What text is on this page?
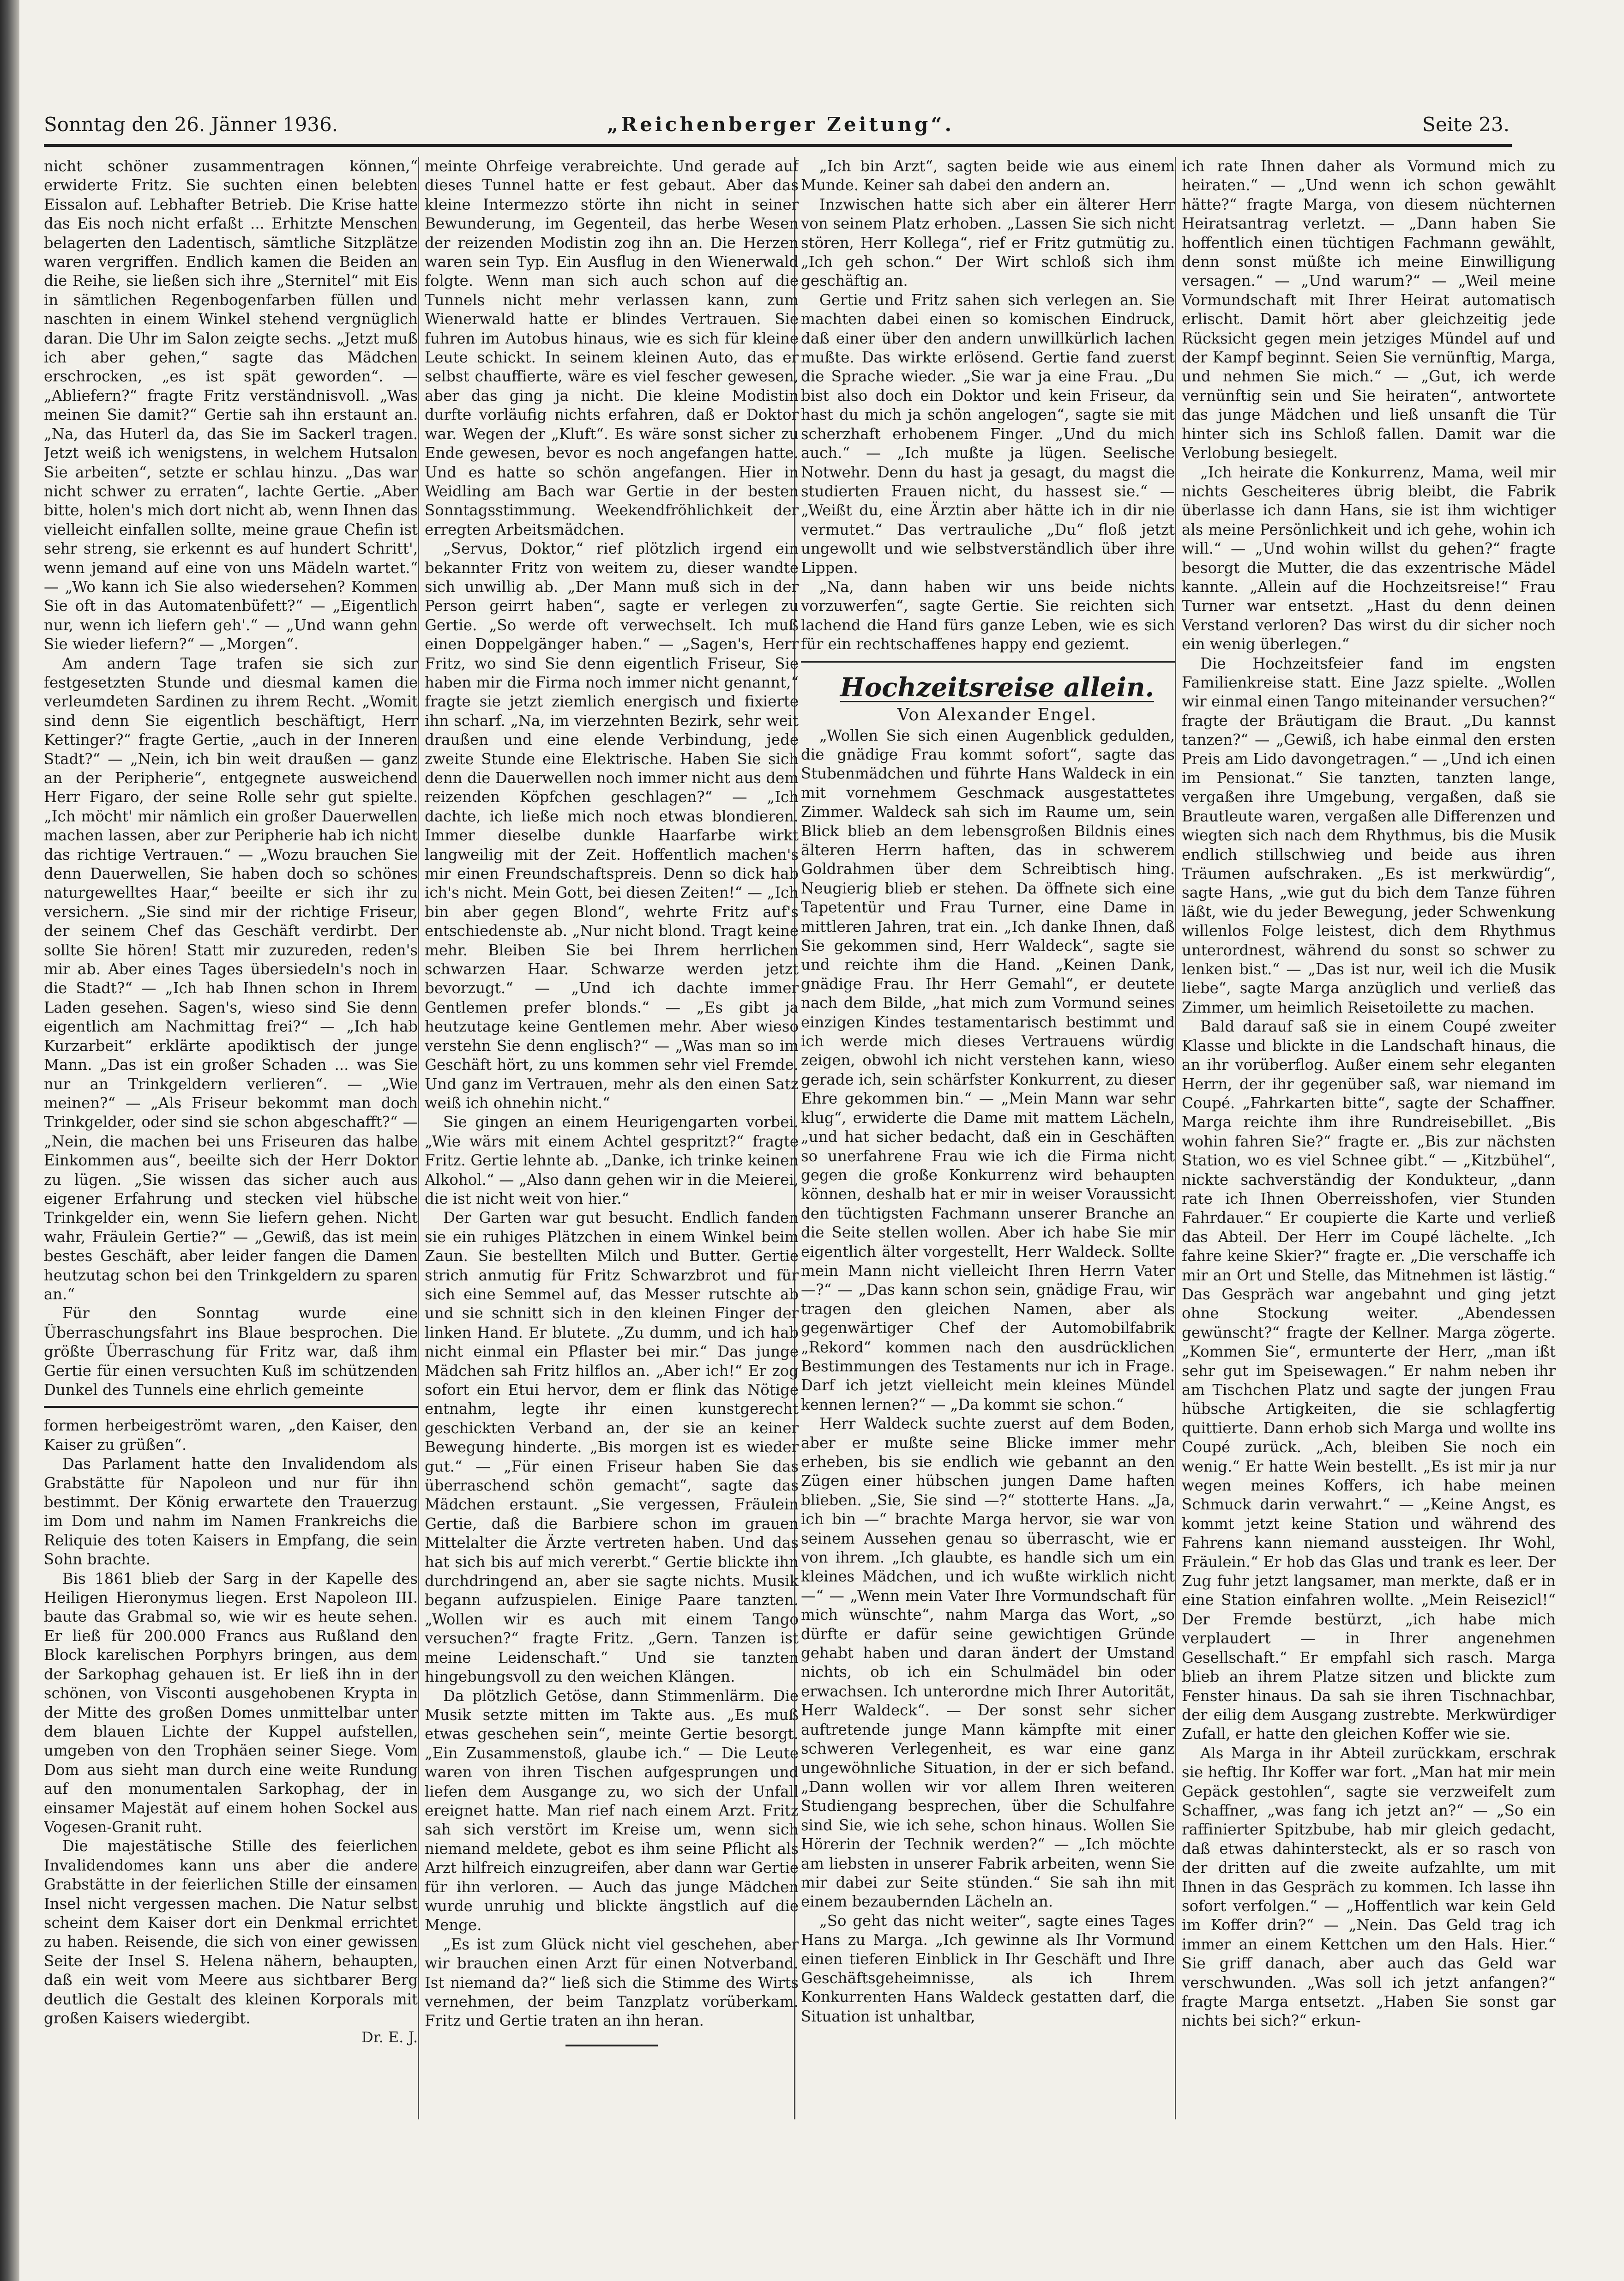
Sonntag den 26. Jänner 1936.	„Reichenberger Zeitung“.	Seite 23.

nicht schöner zusammentragen können,“ erwiderte Fritz. Sie suchten einen belebten Eissalon auf. Lebhafter Betrieb. Die Krise hatte das Eis noch nicht erfaßt ... Erhitzte Menschen belagerten den Ladentisch, sämtliche Sitzplätze waren vergriffen. Endlich kamen die Beiden an die Reihe, sie ließen sich ihre „Sternitel“ mit Eis in sämtlichen Regenbogenfarben füllen und naschten in einem Winkel stehend vergnüglich daran. Die Uhr im Salon zeigte sechs. „Jetzt muß ich aber gehen,“ sagte das Mädchen erschrocken, „es ist spät geworden“. — „Abliefern?“ fragte Fritz verständnisvoll. „Was meinen Sie damit?“ Gertie sah ihn erstaunt an. „Na, das Huterl da, das Sie im Sackerl tragen. Jetzt weiß ich wenigstens, in welchem Hutsalon Sie arbeiten“, setzte er schlau hinzu. „Das war nicht schwer zu erraten“, lachte Gertie. „Aber bitte, holen's mich dort nicht ab, wenn Ihnen das vielleicht einfallen sollte, meine graue Chefin ist sehr streng, sie erkennt es auf hundert Schritt', wenn jemand auf eine von uns Mädeln wartet.“ — „Wo kann ich Sie also wiedersehen? Kommen Sie oft in das Automatenbüfett?“ — „Eigentlich nur, wenn ich liefern geh'.“ — „Und wann gehn Sie wieder liefern?“ — „Morgen“.

Am andern Tage trafen sie sich zur festgesetzten Stunde und diesmal kamen die verleumdeten Sardinen zu ihrem Recht. „Womit sind denn Sie eigentlich beschäftigt, Herr Kettinger?“ fragte Gertie, „auch in der Inneren Stadt?“ — „Nein, ich bin weit draußen — ganz an der Peripherie“, entgegnete ausweichend Herr Figaro, der seine Rolle sehr gut spielte. „Ich möcht' mir nämlich ein großer Dauerwellen machen lassen, aber zur Peripherie hab ich nicht das richtige Vertrauen.“ — „Wozu brauchen Sie denn Dauerwellen, Sie haben doch so schönes naturgewelltes Haar,“ beeilte er sich ihr zu versichern. „Sie sind mir der richtige Friseur, der seinem Chef das Geschäft verdirbt. Der sollte Sie hören! Statt mir zuzureden, reden's mir ab. Aber eines Tages übersiedeln's noch in die Stadt?“ — „Ich hab Ihnen schon in Ihrem Laden gesehen. Sagen's, wieso sind Sie denn eigentlich am Nachmittag frei?“ — „Ich hab Kurzarbeit“ erklärte apodiktisch der junge Mann. „Das ist ein großer Schaden ... was Sie nur an Trinkgeldern verlieren“. — „Wie meinen?“ — „Als Friseur bekommt man doch Trinkgelder, oder sind sie schon abgeschafft?“ — „Nein, die machen bei uns Friseuren das halbe Einkommen aus“, beeilte sich der Herr Doktor zu lügen. „Sie wissen das sicher auch aus eigener Erfahrung und stecken viel hübsche Trinkgelder ein, wenn Sie liefern gehen. Nicht wahr, Fräulein Gertie?“ — „Gewiß, das ist mein bestes Geschäft, aber leider fangen die Damen heutzutag schon bei den Trinkgeldern zu sparen an.“

Für den Sonntag wurde eine Überraschungsfahrt ins Blaue besprochen. Die größte Überraschung für Fritz war, daß ihm Gertie für einen versuchten Kuß im schützenden Dunkel des Tunnels eine ehrlich gemeinte

formen herbeigeströmt waren, „den Kaiser, den Kaiser zu grüßen“.

Das Parlament hatte den Invalidendom als Grabstätte für Napoleon und nur für ihn bestimmt. Der König erwartete den Trauerzug im Dom und nahm im Namen Frankreichs die Reliquie des toten Kaisers in Empfang, die sein Sohn brachte.

Bis 1861 blieb der Sarg in der Kapelle des Heiligen Hieronymus liegen. Erst Napoleon III. baute das Grabmal so, wie wir es heute sehen. Er ließ für 200.000 Francs aus Rußland den Block karelischen Porphyrs bringen, aus dem der Sarkophag gehauen ist. Er ließ ihn in der schönen, von Visconti ausgehobenen Krypta in der Mitte des großen Domes unmittelbar unter dem blauen Lichte der Kuppel aufstellen, umgeben von den Trophäen seiner Siege. Vom Dom aus sieht man durch eine weite Rundung auf den monumentalen Sarkophag, der in einsamer Majestät auf einem hohen Sockel aus Vogesen-Granit ruht.

Die majestätische Stille des feierlichen Invalidendomes kann uns aber die andere Grabstätte in der feierlichen Stille der einsamen Insel nicht vergessen machen. Die Natur selbst scheint dem Kaiser dort ein Denkmal errichtet zu haben. Reisende, die sich von einer gewissen Seite der Insel S. Helena nähern, behaupten, daß ein weit vom Meere aus sichtbarer Berg deutlich die Gestalt des kleinen Korporals mit großen Kaisers wiedergibt.

Dr. E. J.

meinte Ohrfeige verabreichte. Und gerade auf dieses Tunnel hatte er fest gebaut. Aber das kleine Intermezzo störte ihn nicht in seiner Bewunderung, im Gegenteil, das herbe Wesen der reizenden Modistin zog ihn an. Die Herzen waren sein Typ. Ein Ausflug in den Wienerwald folgte. Wenn man sich auch schon auf die Tunnels nicht mehr verlassen kann, zum Wienerwald hatte er blindes Vertrauen. Sie fuhren im Autobus hinaus, wie es sich für kleine Leute schickt. In seinem kleinen Auto, das er selbst chauffierte, wäre es viel fescher gewesen, aber das ging ja nicht. Die kleine Modistin durfte vorläufig nichts erfahren, daß er Doktor war. Wegen der „Kluft“. Es wäre sonst sicher zu Ende gewesen, bevor es noch angefangen hatte. Und es hatte so schön angefangen. Hier in Weidling am Bach war Gertie in der besten Sonntagsstimmung. Weekendfröhlichkeit der erregten Arbeitsmädchen.

„Servus, Doktor,“ rief plötzlich irgend ein bekannter Fritz von weitem zu, dieser wandte sich unwillig ab. „Der Mann muß sich in der Person geirrt haben“, sagte er verlegen zu Gertie. „So werde oft verwechselt. Ich muß einen Doppelgänger haben.“ — „Sagen's, Herr Fritz, wo sind Sie denn eigentlich Friseur, Sie haben mir die Firma noch immer nicht genannt,“ fragte sie jetzt ziemlich energisch und fixierte ihn scharf. „Na, im vierzehnten Bezirk, sehr weit draußen und eine elende Verbindung, jede zweite Stunde eine Elektrische. Haben Sie sich denn die Dauerwellen noch immer nicht aus dem reizenden Köpfchen geschlagen?“ — „Ich dachte, ich ließe mich noch etwas blondieren. Immer dieselbe dunkle Haarfarbe wirkt langweilig mit der Zeit. Hoffentlich machen's mir einen Freundschaftspreis. Denn so dick hab ich's nicht. Mein Gott, bei diesen Zeiten!“ — „Ich bin aber gegen Blond“, wehrte Fritz auf's entschiedenste ab. „Nur nicht blond. Tragt keine mehr. Bleiben Sie bei Ihrem herrlichen schwarzen Haar. Schwarze werden jetzt bevorzugt.“ — „Und ich dachte immer Gentlemen prefer blonds.“ — „Es gibt ja heutzutage keine Gentlemen mehr. Aber wieso verstehn Sie denn englisch?“ — „Was man so im Geschäft hört, zu uns kommen sehr viel Fremde. Und ganz im Vertrauen, mehr als den einen Satz weiß ich ohnehin nicht.“

Sie gingen an einem Heurigengarten vorbei. „Wie wärs mit einem Achtel gespritzt?“ fragte Fritz. Gertie lehnte ab. „Danke, ich trinke keinen Alkohol.“ — „Also dann gehen wir in die Meierei, die ist nicht weit von hier.“

Der Garten war gut besucht. Endlich fanden sie ein ruhiges Plätzchen in einem Winkel beim Zaun. Sie bestellten Milch und Butter. Gertie strich anmutig für Fritz Schwarzbrot und für sich eine Semmel auf, das Messer rutschte ab und sie schnitt sich in den kleinen Finger der linken Hand. Er blutete. „Zu dumm, und ich hab nicht einmal ein Pflaster bei mir.“ Das junge Mädchen sah Fritz hilflos an. „Aber ich!“ Er zog sofort ein Etui hervor, dem er flink das Nötige entnahm, legte ihr einen kunstgerecht geschickten Verband an, der sie an keiner Bewegung hinderte. „Bis morgen ist es wieder gut.“ — „Für einen Friseur haben Sie das überraschend schön gemacht“, sagte das Mädchen erstaunt. „Sie vergessen, Fräulein Gertie, daß die Barbiere schon im grauen Mittelalter die Ärzte vertreten haben. Und das hat sich bis auf mich vererbt.“ Gertie blickte ihn durchdringend an, aber sie sagte nichts. Musik begann aufzuspielen. Einige Paare tanzten. „Wollen wir es auch mit einem Tango versuchen?“ fragte Fritz. „Gern. Tanzen ist meine Leidenschaft.“ Und sie tanzten hingebungsvoll zu den weichen Klängen.

Da plötzlich Getöse, dann Stimmenlärm. Die Musik setzte mitten im Takte aus. „Es muß etwas geschehen sein“, meinte Gertie besorgt. „Ein Zusammenstoß, glaube ich.“ — Die Leute waren von ihren Tischen aufgesprungen und liefen dem Ausgange zu, wo sich der Unfall ereignet hatte. Man rief nach einem Arzt. Fritz sah sich verstört im Kreise um, wenn sich niemand meldete, gebot es ihm seine Pflicht als Arzt hilfreich einzugreifen, aber dann war Gertie für ihn verloren. — Auch das junge Mädchen wurde unruhig und blickte ängstlich auf die Menge.

„Es ist zum Glück nicht viel geschehen, aber wir brauchen einen Arzt für einen Notverband. Ist niemand da?“ ließ sich die Stimme des Wirts vernehmen, der beim Tanzplatz vorüberkam. Fritz und Gertie traten an ihn heran.

„Ich bin Arzt“, sagten beide wie aus einem Munde. Keiner sah dabei den andern an.

Inzwischen hatte sich aber ein älterer Herr von seinem Platz erhoben. „Lassen Sie sich nicht stören, Herr Kollega“, rief er Fritz gutmütig zu. „Ich geh schon.“ Der Wirt schloß sich ihm geschäftig an.

Gertie und Fritz sahen sich verlegen an. Sie machten dabei einen so komischen Eindruck, daß einer über den andern unwillkürlich lachen mußte. Das wirkte erlösend. Gertie fand zuerst die Sprache wieder. „Sie war ja eine Frau. „Du bist also doch ein Doktor und kein Friseur, da hast du mich ja schön angelogen“, sagte sie mit scherzhaft erhobenem Finger. „Und du mich auch.“ — „Ich mußte ja lügen. Seelische Notwehr. Denn du hast ja gesagt, du magst die studierten Frauen nicht, du hassest sie.“ — „Weißt du, eine Ärztin aber hätte ich in dir nie vermutet.“ Das vertrauliche „Du“ floß jetzt ungewollt und wie selbstverständlich über ihre Lippen.

„Na, dann haben wir uns beide nichts vorzuwerfen“, sagte Gertie. Sie reichten sich lachend die Hand fürs ganze Leben, wie es sich für ein rechtschaffenes happy end geziemt.

Hochzeitsreise allein.

Von Alexander Engel.

„Wollen Sie sich einen Augenblick gedulden, die gnädige Frau kommt sofort“, sagte das Stubenmädchen und führte Hans Waldeck in ein mit vornehmem Geschmack ausgestattetes Zimmer. Waldeck sah sich im Raume um, sein Blick blieb an dem lebensgroßen Bildnis eines älteren Herrn haften, das in schwerem Goldrahmen über dem Schreibtisch hing. Neugierig blieb er stehen. Da öffnete sich eine Tapetentür und Frau Turner, eine Dame in mittleren Jahren, trat ein. „Ich danke Ihnen, daß Sie gekommen sind, Herr Waldeck“, sagte sie und reichte ihm die Hand. „Keinen Dank, gnädige Frau. Ihr Herr Gemahl“, er deutete nach dem Bilde, „hat mich zum Vormund seines einzigen Kindes testamentarisch bestimmt und ich werde mich dieses Vertrauens würdig zeigen, obwohl ich nicht verstehen kann, wieso gerade ich, sein schärfster Konkurrent, zu dieser Ehre gekommen bin.“ — „Mein Mann war sehr klug“, erwiderte die Dame mit mattem Lächeln, „und hat sicher bedacht, daß ein in Geschäften so unerfahrene Frau wie ich die Firma nicht gegen die große Konkurrenz wird behaupten können, deshalb hat er mir in weiser Voraussicht den tüchtigsten Fachmann unserer Branche an die Seite stellen wollen. Aber ich habe Sie mir eigentlich älter vorgestellt, Herr Waldeck. Sollte mein Mann nicht vielleicht Ihren Herrn Vater —?“ — „Das kann schon sein, gnädige Frau, wir tragen den gleichen Namen, aber als gegenwärtiger Chef der Automobilfabrik „Rekord“ kommen nach den ausdrücklichen Bestimmungen des Testaments nur ich in Frage. Darf ich jetzt vielleicht mein kleines Mündel kennen lernen?“ — „Da kommt sie schon.“

Herr Waldeck suchte zuerst auf dem Boden, aber er mußte seine Blicke immer mehr erheben, bis sie endlich wie gebannt an den Zügen einer hübschen jungen Dame haften blieben. „Sie, Sie sind —?“ stotterte Hans. „Ja, ich bin —“ brachte Marga hervor, sie war von seinem Aussehen genau so überrascht, wie er von ihrem. „Ich glaubte, es handle sich um ein kleines Mädchen, und ich wußte wirklich nicht —“ — „Wenn mein Vater Ihre Vormundschaft für mich wünschte“, nahm Marga das Wort, „so dürfte er dafür seine gewichtigen Gründe gehabt haben und daran ändert der Umstand nichts, ob ich ein Schulmädel bin oder erwachsen. Ich unterordne mich Ihrer Autorität, Herr Waldeck“. — Der sonst sehr sicher auftretende junge Mann kämpfte mit einer schweren Verlegenheit, es war eine ganz ungewöhnliche Situation, in der er sich befand. „Dann wollen wir vor allem Ihren weiteren Studiengang besprechen, über die Schulfahre sind Sie, wie ich sehe, schon hinaus. Wollen Sie Hörerin der Technik werden?“ — „Ich möchte am liebsten in unserer Fabrik arbeiten, wenn Sie mir dabei zur Seite stünden.“ Sie sah ihn mit einem bezaubernden Lächeln an.

„So geht das nicht weiter“, sagte eines Tages Hans zu Marga. „Ich gewinne als Ihr Vormund einen tieferen Einblick in Ihr Geschäft und Ihre Geschäftsgeheimnisse, als ich Ihrem Konkurrenten Hans Waldeck gestatten darf, die Situation ist unhaltbar,

ich rate Ihnen daher als Vormund mich zu heiraten.“ — „Und wenn ich schon gewählt hätte?“ fragte Marga, von diesem nüchternen Heiratsantrag verletzt. — „Dann haben Sie hoffentlich einen tüchtigen Fachmann gewählt, denn sonst müßte ich meine Einwilligung versagen.“ — „Und warum?“ — „Weil meine Vormundschaft mit Ihrer Heirat automatisch erlischt. Damit hört aber gleichzeitig jede Rücksicht gegen mein jetziges Mündel auf und der Kampf beginnt. Seien Sie vernünftig, Marga, und nehmen Sie mich.“ — „Gut, ich werde vernünftig sein und Sie heiraten“, antwortete das junge Mädchen und ließ unsanft die Tür hinter sich ins Schloß fallen. Damit war die Verlobung besiegelt.

„Ich heirate die Konkurrenz, Mama, weil mir nichts Gescheiteres übrig bleibt, die Fabrik überlasse ich dann Hans, sie ist ihm wichtiger als meine Persönlichkeit und ich gehe, wohin ich will.“ — „Und wohin willst du gehen?“ fragte besorgt die Mutter, die das exzentrische Mädel kannte. „Allein auf die Hochzeitsreise!“ Frau Turner war entsetzt. „Hast du denn deinen Verstand verloren? Das wirst du dir sicher noch ein wenig überlegen.“

Die Hochzeitsfeier fand im engsten Familienkreise statt. Eine Jazz spielte. „Wollen wir einmal einen Tango miteinander versuchen?“ fragte der Bräutigam die Braut. „Du kannst tanzen?“ — „Gewiß, ich habe einmal den ersten Preis am Lido davongetragen.“ — „Und ich einen im Pensionat.“ Sie tanzten, tanzten lange, vergaßen ihre Umgebung, vergaßen, daß sie Brautleute waren, vergaßen alle Differenzen und wiegten sich nach dem Rhythmus, bis die Musik endlich stillschwieg und beide aus ihren Träumen aufschraken. „Es ist merkwürdig“, sagte Hans, „wie gut du bich dem Tanze führen läßt, wie du jeder Bewegung, jeder Schwenkung willenlos Folge leistest, dich dem Rhythmus unterordnest, während du sonst so schwer zu lenken bist.“ — „Das ist nur, weil ich die Musik liebe“, sagte Marga anzüglich und verließ das Zimmer, um heimlich Reisetoilette zu machen.

Bald darauf saß sie in einem Coupé zweiter Klasse und blickte in die Landschaft hinaus, die an ihr vorüberflog. Außer einem sehr eleganten Herrn, der ihr gegenüber saß, war niemand im Coupé. „Fahrkarten bitte“, sagte der Schaffner. Marga reichte ihm ihre Rundreisebillet. „Bis wohin fahren Sie?“ fragte er. „Bis zur nächsten Station, wo es viel Schnee gibt.“ — „Kitzbühel“, nickte sachverständig der Kondukteur, „dann rate ich Ihnen Oberreisshofen, vier Stunden Fahrdauer.“ Er coupierte die Karte und verließ das Abteil. Der Herr im Coupé lächelte. „Ich fahre keine Skier?“ fragte er. „Die verschaffe ich mir an Ort und Stelle, das Mitnehmen ist lästig.“ Das Gespräch war angebahnt und ging jetzt ohne Stockung weiter. „Abendessen gewünscht?“ fragte der Kellner. Marga zögerte. „Kommen Sie“, ermunterte der Herr, „man ißt sehr gut im Speisewagen.“ Er nahm neben ihr am Tischchen Platz und sagte der jungen Frau hübsche Artigkeiten, die sie schlagfertig quittierte. Dann erhob sich Marga und wollte ins Coupé zurück. „Ach, bleiben Sie noch ein wenig.“ Er hatte Wein bestellt. „Es ist mir ja nur wegen meines Koffers, ich habe meinen Schmuck darin verwahrt.“ — „Keine Angst, es kommt jetzt keine Station und während des Fahrens kann niemand aussteigen. Ihr Wohl, Fräulein.“ Er hob das Glas und trank es leer. Der Zug fuhr jetzt langsamer, man merkte, daß er in eine Station einfahren wollte. „Mein Reisezicl!“ Der Fremde bestürzt, „ich habe mich verplaudert — in Ihrer angenehmen Gesellschaft.“ Er empfahl sich rasch. Marga blieb an ihrem Platze sitzen und blickte zum Fenster hinaus. Da sah sie ihren Tischnachbar, der eilig dem Ausgang zustrebte. Merkwürdiger Zufall, er hatte den gleichen Koffer wie sie.

Als Marga in ihr Abteil zurückkam, erschrak sie heftig. Ihr Koffer war fort. „Man hat mir mein Gepäck gestohlen“, sagte sie verzweifelt zum Schaffner, „was fang ich jetzt an?“ — „So ein raffinierter Spitzbube, hab mir gleich gedacht, daß etwas dahintersteckt, als er so rasch von der dritten auf die zweite aufzahlte, um mit Ihnen in das Gespräch zu kommen. Ich lasse ihn sofort verfolgen.“ — „Hoffentlich war kein Geld im Koffer drin?“ — „Nein. Das Geld trag ich immer an einem Kettchen um den Hals. Hier.“ Sie griff danach, aber auch das Geld war verschwunden. „Was soll ich jetzt anfangen?“ fragte Marga entsetzt. „Haben Sie sonst gar nichts bei sich?“ erkun-
